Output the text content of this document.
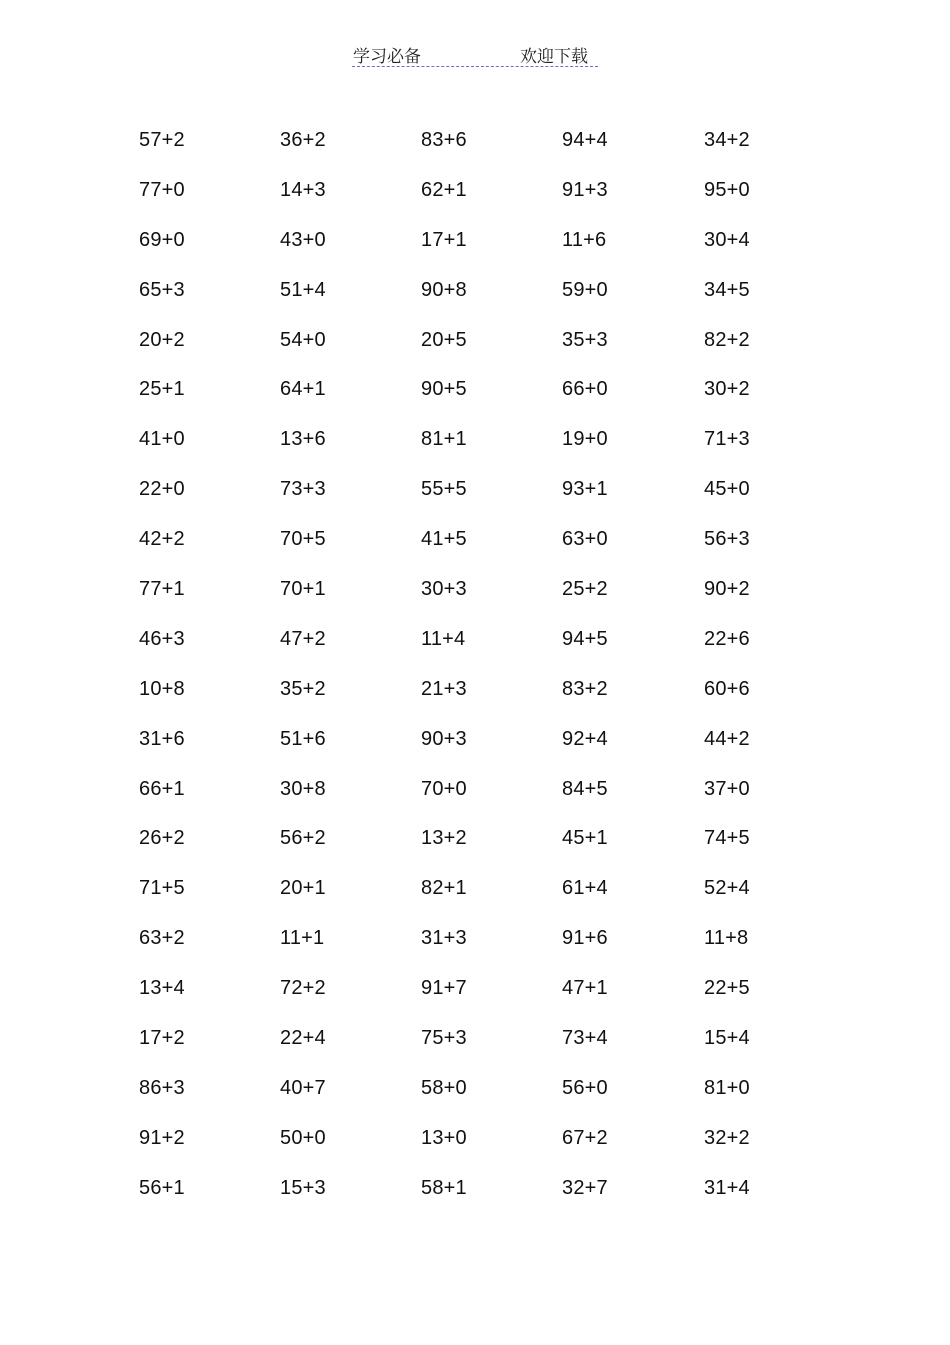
学习必备	欢迎下载
57+2	36+2	83+6	94+4	34+2
77+0	14+3	62+1	91+3	95+0
69+0	43+0	17+1	11+6	30+4
65+3	51+4	90+8	59+0	34+5
20+2	54+0	20+5	35+3	82+2
25+1	64+1	90+5	66+0	30+2
41+0	13+6	81+1	19+0	71+3
22+0	73+3	55+5	93+1	45+0
42+2	70+5	41+5	63+0	56+3
77+1	70+1	30+3	25+2	90+2
46+3	47+2	11+4	94+5	22+6
10+8	35+2	21+3	83+2	60+6
31+6	51+6	90+3	92+4	44+2
66+1	30+8	70+0	84+5	37+0
26+2	56+2	13+2	45+1	74+5
71+5	20+1	82+1	61+4	52+4
63+2	11+1	31+3	91+6	11+8
13+4	72+2	91+7	47+1	22+5
17+2	22+4	75+3	73+4	15+4
86+3	40+7	58+0	56+0	81+0
91+2	50+0	13+0	67+2	32+2
56+1	15+3	58+1	32+7	31+4
